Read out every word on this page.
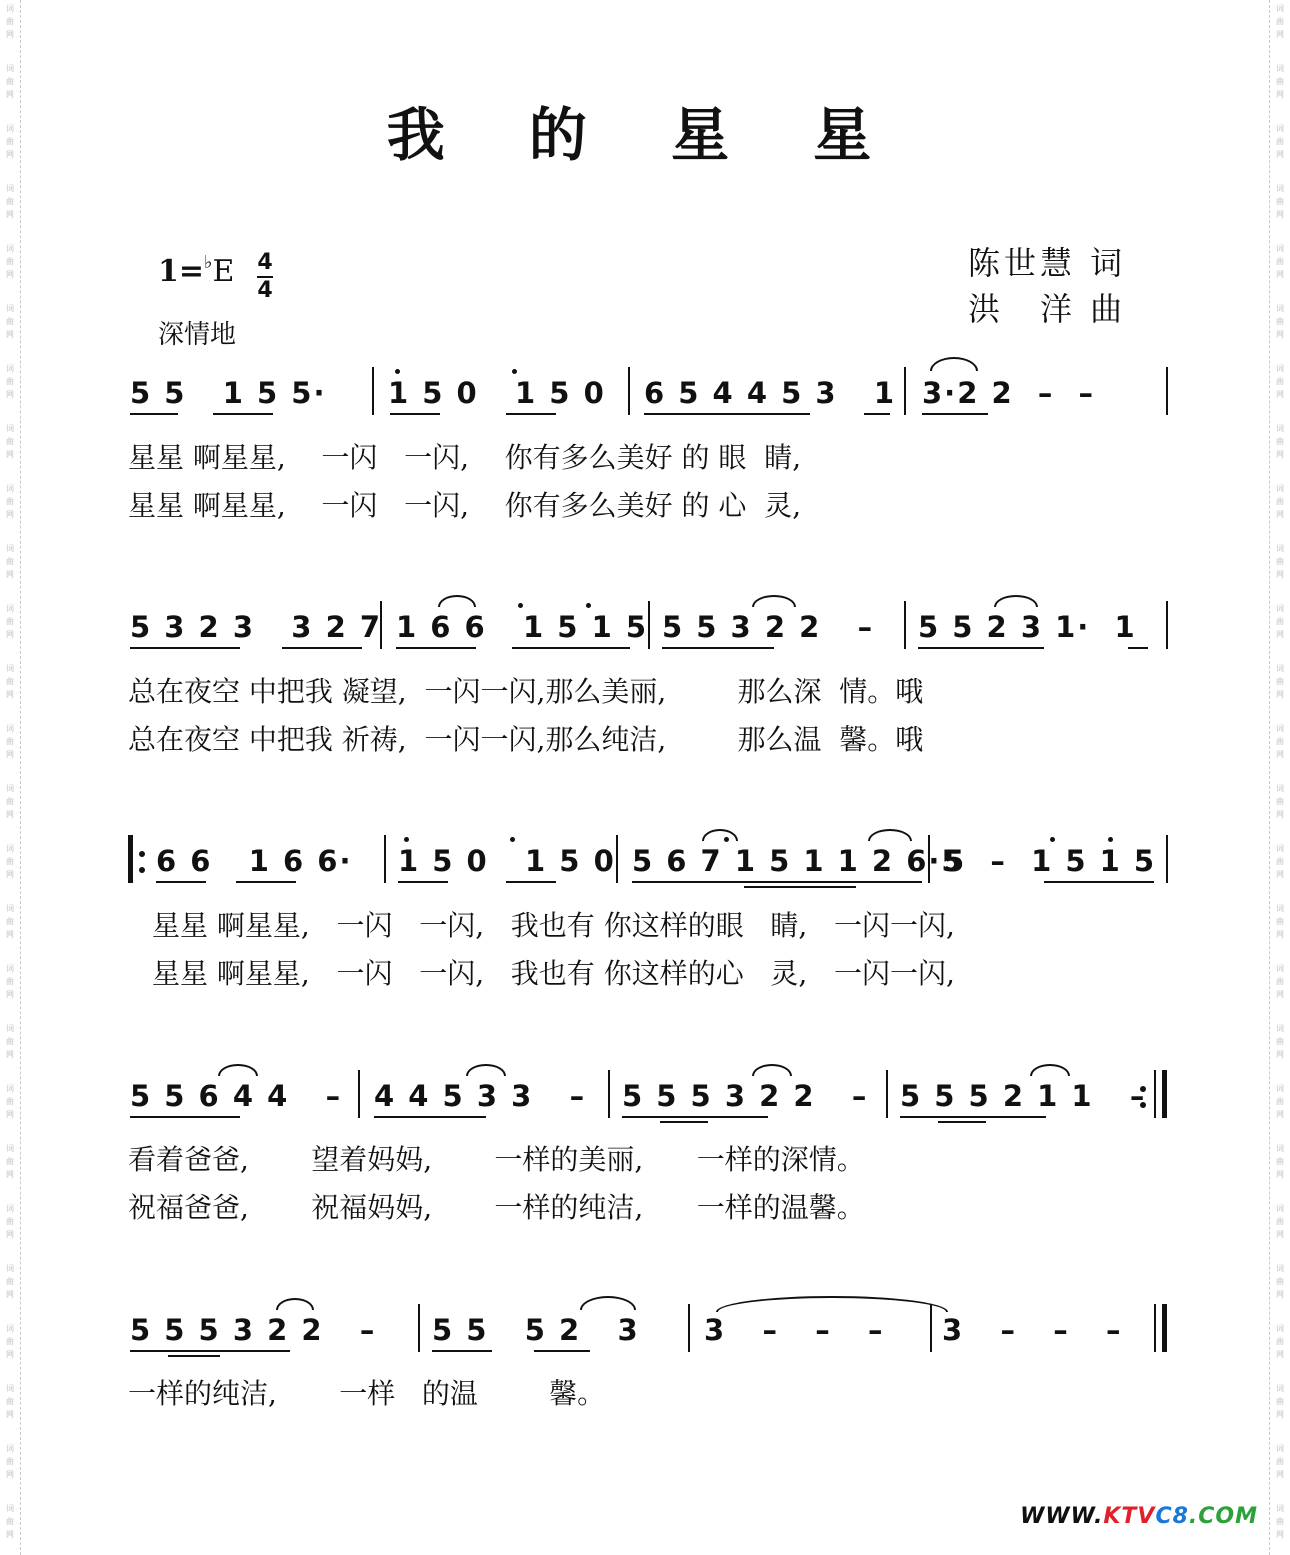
词
曲
网
词
曲
网
词
曲
网
词
曲
网
词
曲
网
词
曲
网
词
曲
网
词
曲
网
词
曲
网
词
曲
网
词
曲
网
词
曲
网
词
曲
网
词
曲
网
词
曲
网
词
曲
网
词
曲
网
词
曲
网
词
曲
网
词
曲
网
词
曲
网
词
曲
网
词
曲
网
词
曲
网
词
曲
网
词
曲
网
词
曲
网
词
曲
网
词
曲
网
词
曲
网
词
曲
网
词
曲
网
词
曲
网
词
曲
网
词
曲
网
词
曲
网
词
曲
网
词
曲
网
词
曲
网
词
曲
网
词
曲
网
词
曲
网
词
曲
网
词
曲
网
词
曲
网
词
曲
网
词
曲
网
词
曲
网
词
曲
网
词
曲
网
词
曲
网
词
曲
网
我 的 星 星
1=♭E 4
4
深情地
陈世慧 词
洪　洋 曲
5 5   1 5 5· 1 5 0   1 5 0 6 5 4 4 5 3   1 3·2 2  –  –
星星 啊星星,    一闪   一闪,    你有多么美好 的 眼  睛,
星星 啊星星,    一闪   一闪,    你有多么美好 的 心  灵,
5 3 2 3   3 2 7 1 6 6   1 5 1 5 5 5 3 2 2   – 5 5 2 3 1·  1
总在夜空 中把我 凝望,  一闪一闪,那么美丽,        那么深  情。哦
总在夜空 中把我 祈祷,  一闪一闪,那么纯洁,        那么温  馨。哦
6 6   1 6 6· 1 5 0   1 5 0 5 6 7 1 5 1 1 2 6·5
5  –  1 5 1 5
星星 啊星星,   一闪   一闪,   我也有 你这样的眼   睛,   一闪一闪,
星星 啊星星,   一闪   一闪,   我也有 你这样的心   灵,   一闪一闪,
5 5 6 4 4   – 4 4 5 3 3   – 5 5 5 3 2 2   – 5 5 5 2 1 1   –
看着爸爸,       望着妈妈,       一样的美丽,      一样的深情。
祝福爸爸,       祝福妈妈,       一样的纯洁,      一样的温馨。
5 5 5 3 2 2   – 5 5   5 2   3 3   –   –   – 3   –   –   –
一样的纯洁,       一样   的温        馨。
WWW.KTVC8.COM
